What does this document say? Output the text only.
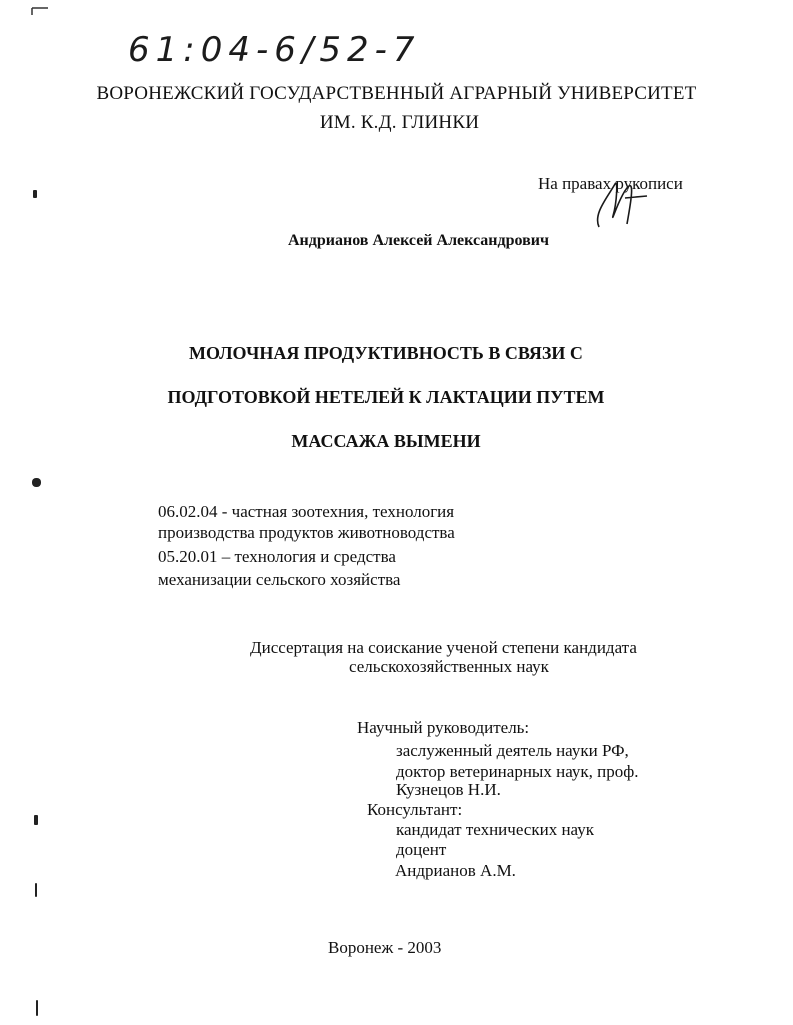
61:04-6/52-7
ВОРОНЕЖСКИЙ ГОСУДАРСТВЕННЫЙ АГРАРНЫЙ УНИВЕРСИТЕТ
ИМ. К.Д. ГЛИНКИ
На правах рукописи
Андрианов Алексей Александрович
МОЛОЧНАЯ ПРОДУКТИВНОСТЬ В СВЯЗИ С
ПОДГОТОВКОЙ НЕТЕЛЕЙ К ЛАКТАЦИИ ПУТЕМ
МАССАЖА ВЫМЕНИ
06.02.04 - частная зоотехния, технология
производства продуктов животноводства
05.20.01 – технология и средства
механизации сельского хозяйства
Диссертация на соискание ученой степени кандидата
сельскохозяйственных наук
Научный руководитель:
заслуженный деятель науки РФ,
доктор ветеринарных наук, проф.
Кузнецов Н.И.
Консультант:
кандидат технических наук
доцент
Андрианов А.М.
Воронеж - 2003
